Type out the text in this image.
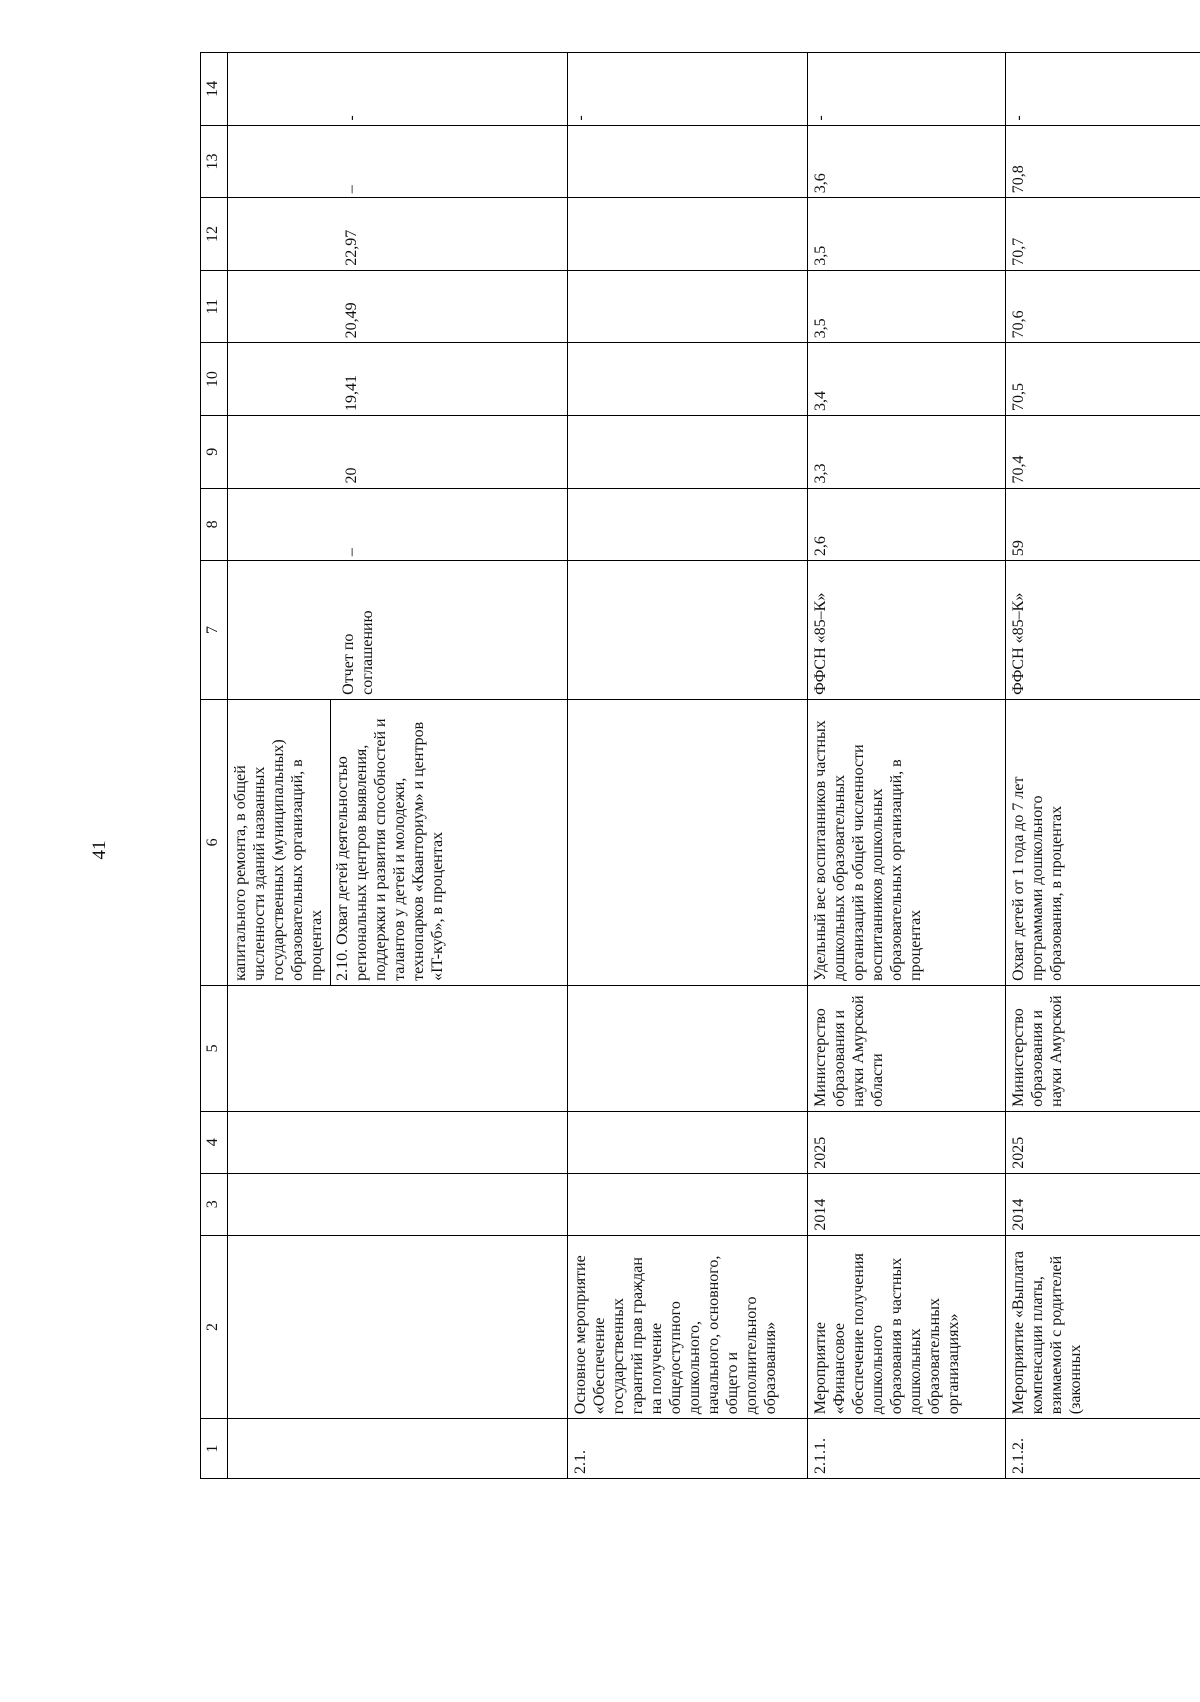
41
1	2	3	4	5	6	7	8	9	10	11	12	13	14

					капитального ремонта, в общей численности зданий названных государственных (муниципальных) образовательных организаций, в процентах 2.10. Охват детей деятельностью региональных центров выявления, поддержки и развития способностей и талантов у детей и молодежи, технопарков «Кванториум» и центров «IT-куб», в процентах	Отчет по соглашению	–	20	19,41	20,49	22,97	–	-
2.1.	Основное мероприятие «Обеспечение государственных гарантий прав граждан на получение общедоступного дошкольного, начального, основного, общего и дополнительного образования»												-
2.1.1.	Мероприятие «Финансовое обеспечение получения дошкольного образования в частных дошкольных образовательных организациях»	2014	2025	Министерство образования и науки Амурской области	Удельный вес воспитанников частных дошкольных образовательных организаций в общей численности воспитанников дошкольных образовательных организаций, в процентах	ФФСН «85–К»	2,6	3,3	3,4	3,5	3,5	3,6	-
2.1.2.	Мероприятие «Выплата компенсации платы, взимаемой с родителей (законных	2014	2025	Министерство образования и науки Амурской	Охват детей от 1 года до 7 лет программами дошкольного образования, в процентах	ФФСН «85–К»	59	70,4	70,5	70,6	70,7	70,8	-
